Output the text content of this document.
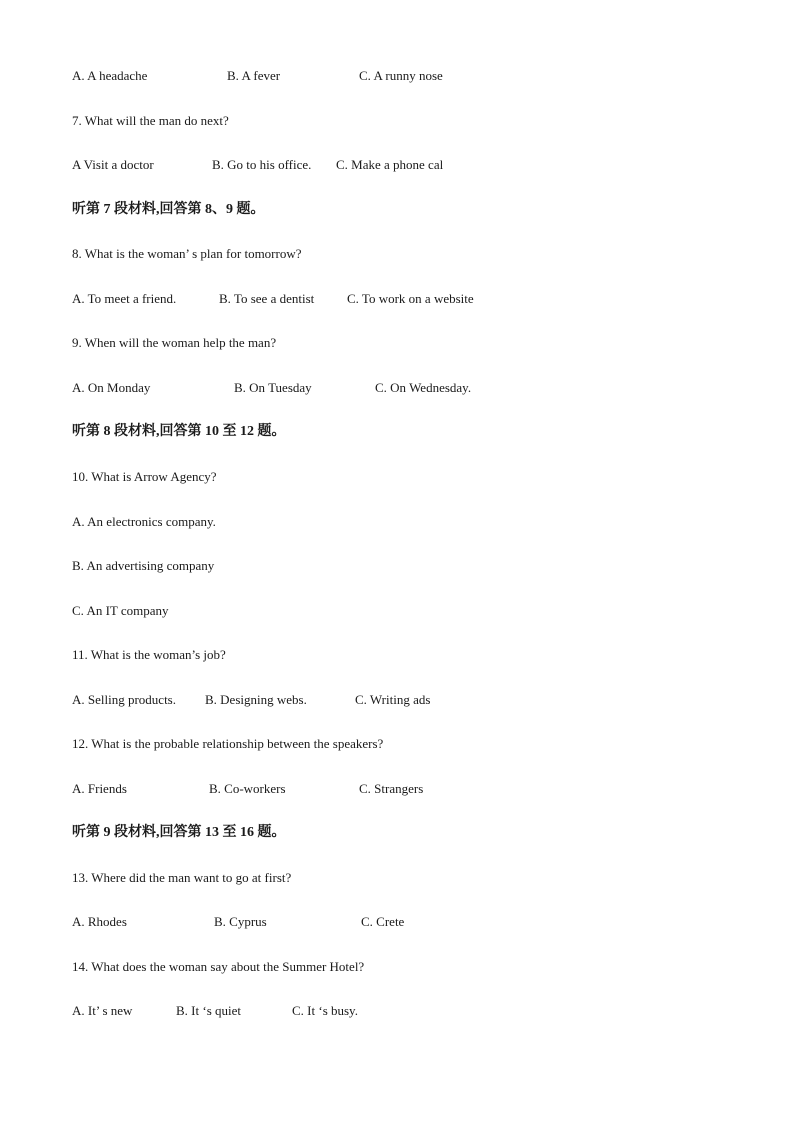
A. A headache	B. A fever	C. A runny nose
7. What will the man do next?
A Visit a doctor	B. Go to his office. C. Make a phone cal
听第 7 段材料,回答第 8、9 题。
8. What is the woman’ s plan for tomorrow?
A. To meet a friend.	B. To see a dentist	C. To work on a website
9. When will the woman help the man?
A. On Monday	B. On Tuesday	C. On Wednesday.
听第 8 段材料,回答第 10 至 12 题。
10. What is Arrow Agency?
A. An electronics company.
B. An advertising company
C. An IT company
11. What is the woman’s job?
A. Selling products. B. Designing webs.	C. Writing ads
12. What is the probable relationship between the speakers?
A. Friends	B. Co-workers	C. Strangers
听第 9 段材料,回答第 13 至 16 题。
13. Where did the man want to go at first?
A. Rhodes	B. Cyprus	C. Crete
14. What does the woman say about the Summer Hotel?
A. It’ s new	B. It ‘s quiet	C. It ‘s busy.
